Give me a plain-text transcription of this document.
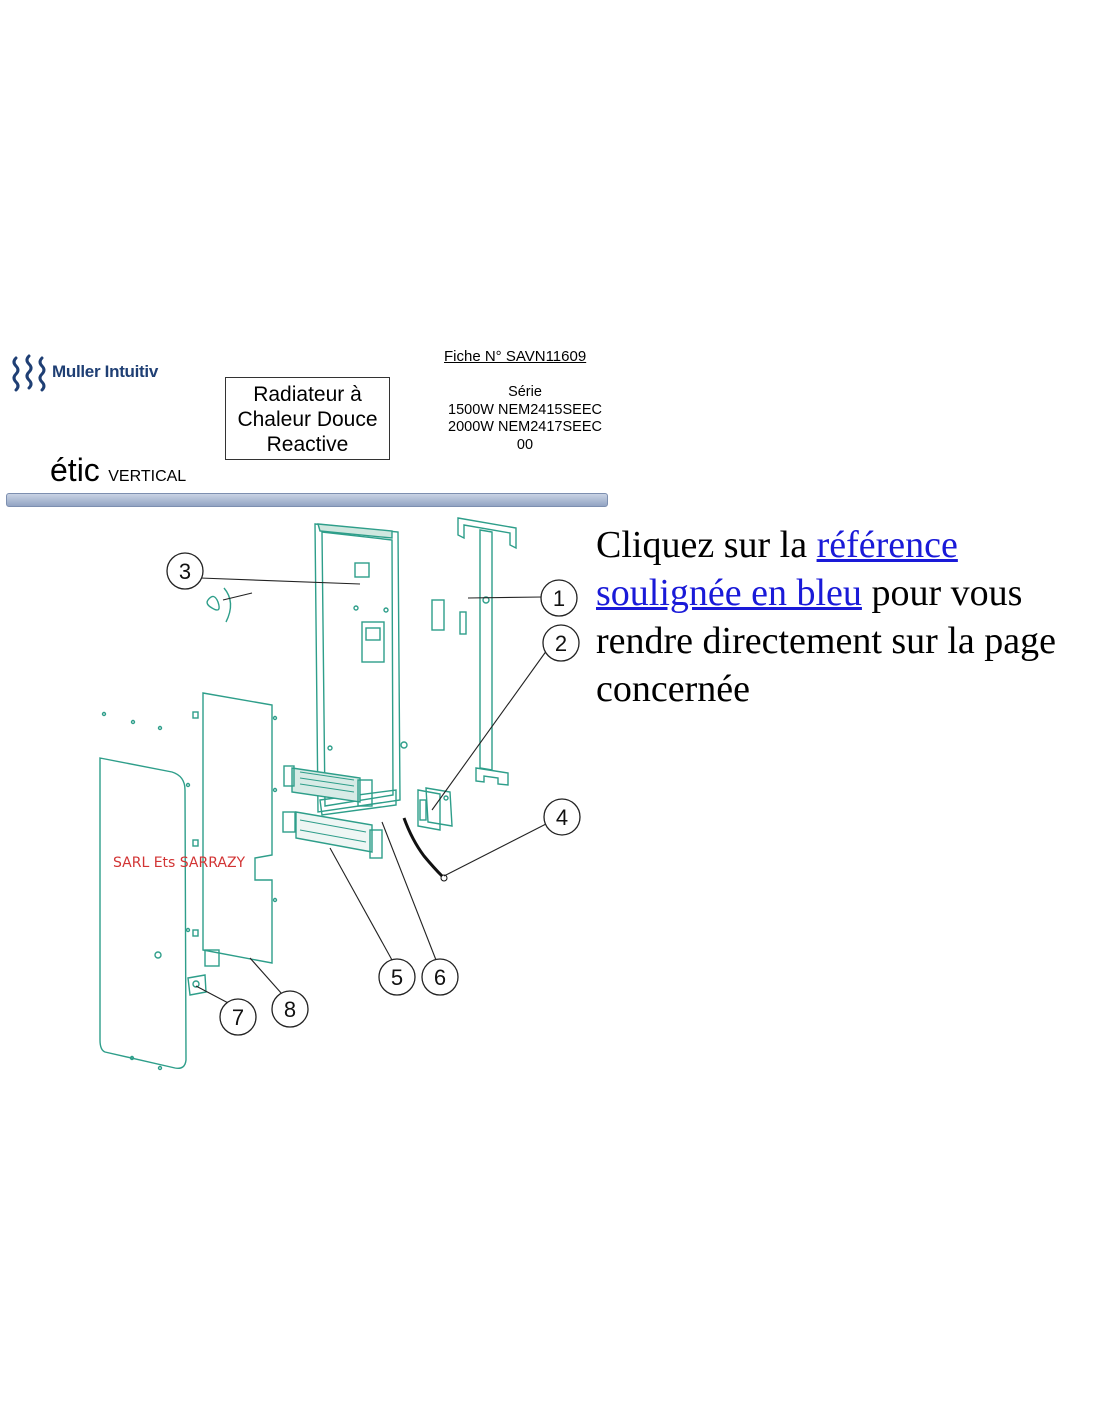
Muller Intuitiv
Radiateur à
Chaleur Douce
Reactive
Fiche N° SAVN11609
Série
1500W NEM2415SEEC
2000W NEM2417SEEC
00
étic VERTICAL
Cliquez sur la référence soulignée en bleu pour vous rendre directement sur la page concernée
1
2
3
4
5 6
7 8
SARL Ets SARRAZY
